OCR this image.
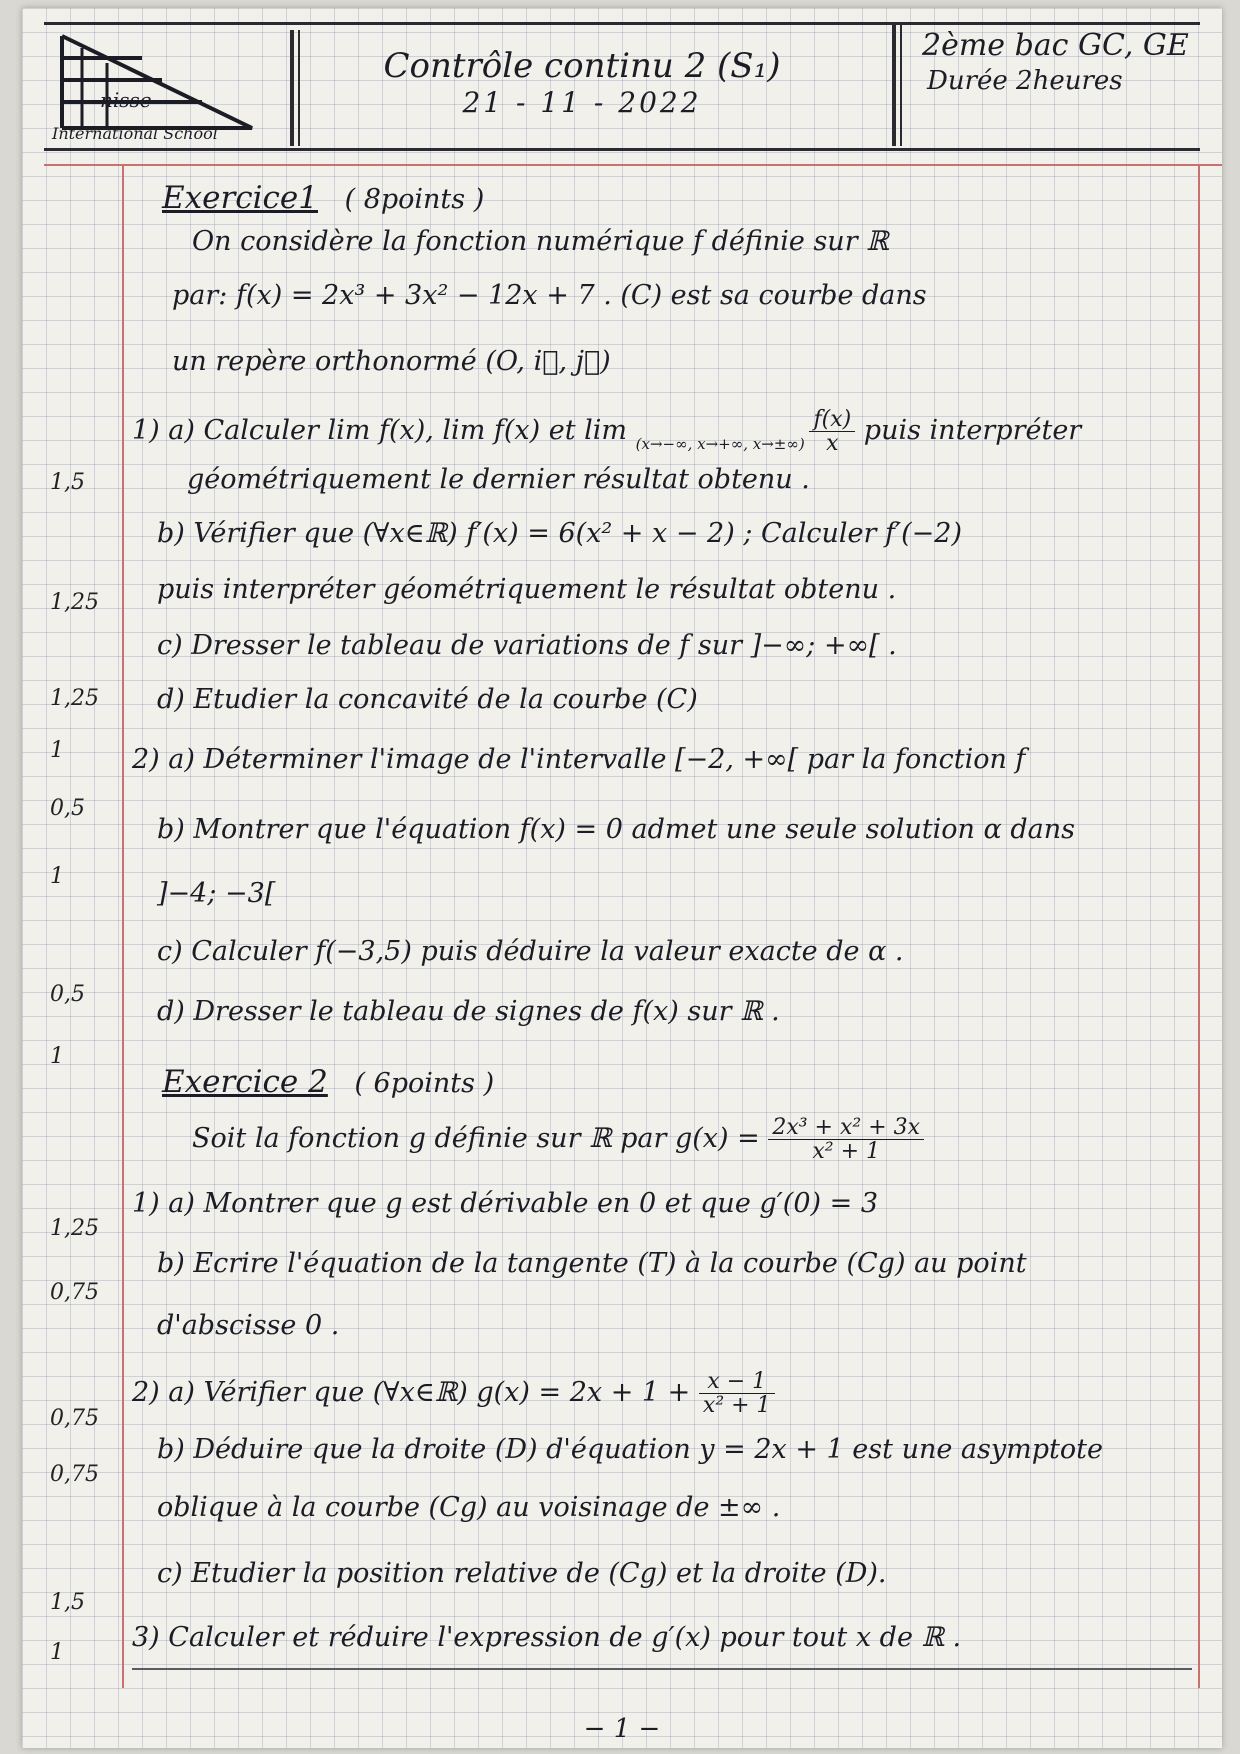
nisse
International School
Contrôle continu 2 (S₁)
21 - 11 - 2022
2ème bac GC, GE
Durée 2heures
1,5
1,25
1,25
1
0,5
1
0,5
1
1,25
0,75
0,75
0,75
1,5
1
Exercice1 ( 8points )
On considère la fonction numérique f définie sur ℝ
par: f(x) = 2x³ + 3x² − 12x + 7 . (C) est sa courbe dans
un repère orthonormé (O, i⃗, j⃗)
1) a) Calculer lim f(x), lim f(x) et $\lim _{(x\to-\infty, x\to+\infty, x\to\pm\infty)} \frac{f(x)}{x}$ puis interpréter
géométriquement le dernier résultat obtenu .
b) Vérifier que (∀x∈ℝ) f′(x) = 6(x² + x − 2) ; Calculer f′(−2)
puis interpréter géométriquement le résultat obtenu .
c) Dresser le tableau de variations de f sur ]−∞; +∞[ .
d) Etudier la concavité de la courbe (C)
2) a) Déterminer l'image de l'intervalle [−2, +∞[ par la fonction f
b) Montrer que l'équation f(x) = 0 admet une seule solution α dans
]−4; −3[
c) Calculer f(−3,5) puis déduire la valeur exacte de α .
d) Dresser le tableau de signes de f(x) sur ℝ .
Exercice 2 ( 6points )
Soit la fonction g définie sur ℝ par $g(x) = \frac{\text{2x³ + x² + 3x}}{\text{x² + 1}}$
1) a) Montrer que g est dérivable en 0 et que g′(0) = 3
b) Ecrire l'équation de la tangente (T) à la courbe (Cg) au point
d'abscisse 0 .
2) a) Vérifier que (∀x∈ℝ) $g(x) = 2x + 1 + \frac{x - 1}{\text{x² + 1}}$
b) Déduire que la droite (D) d'équation y = 2x + 1 est une asymptote
oblique à la courbe (Cg) au voisinage de ±∞ .
c) Etudier la position relative de (Cg) et la droite (D).
3) Calculer et réduire l'expression de g′(x) pour tout x de ℝ .
− 1 −
